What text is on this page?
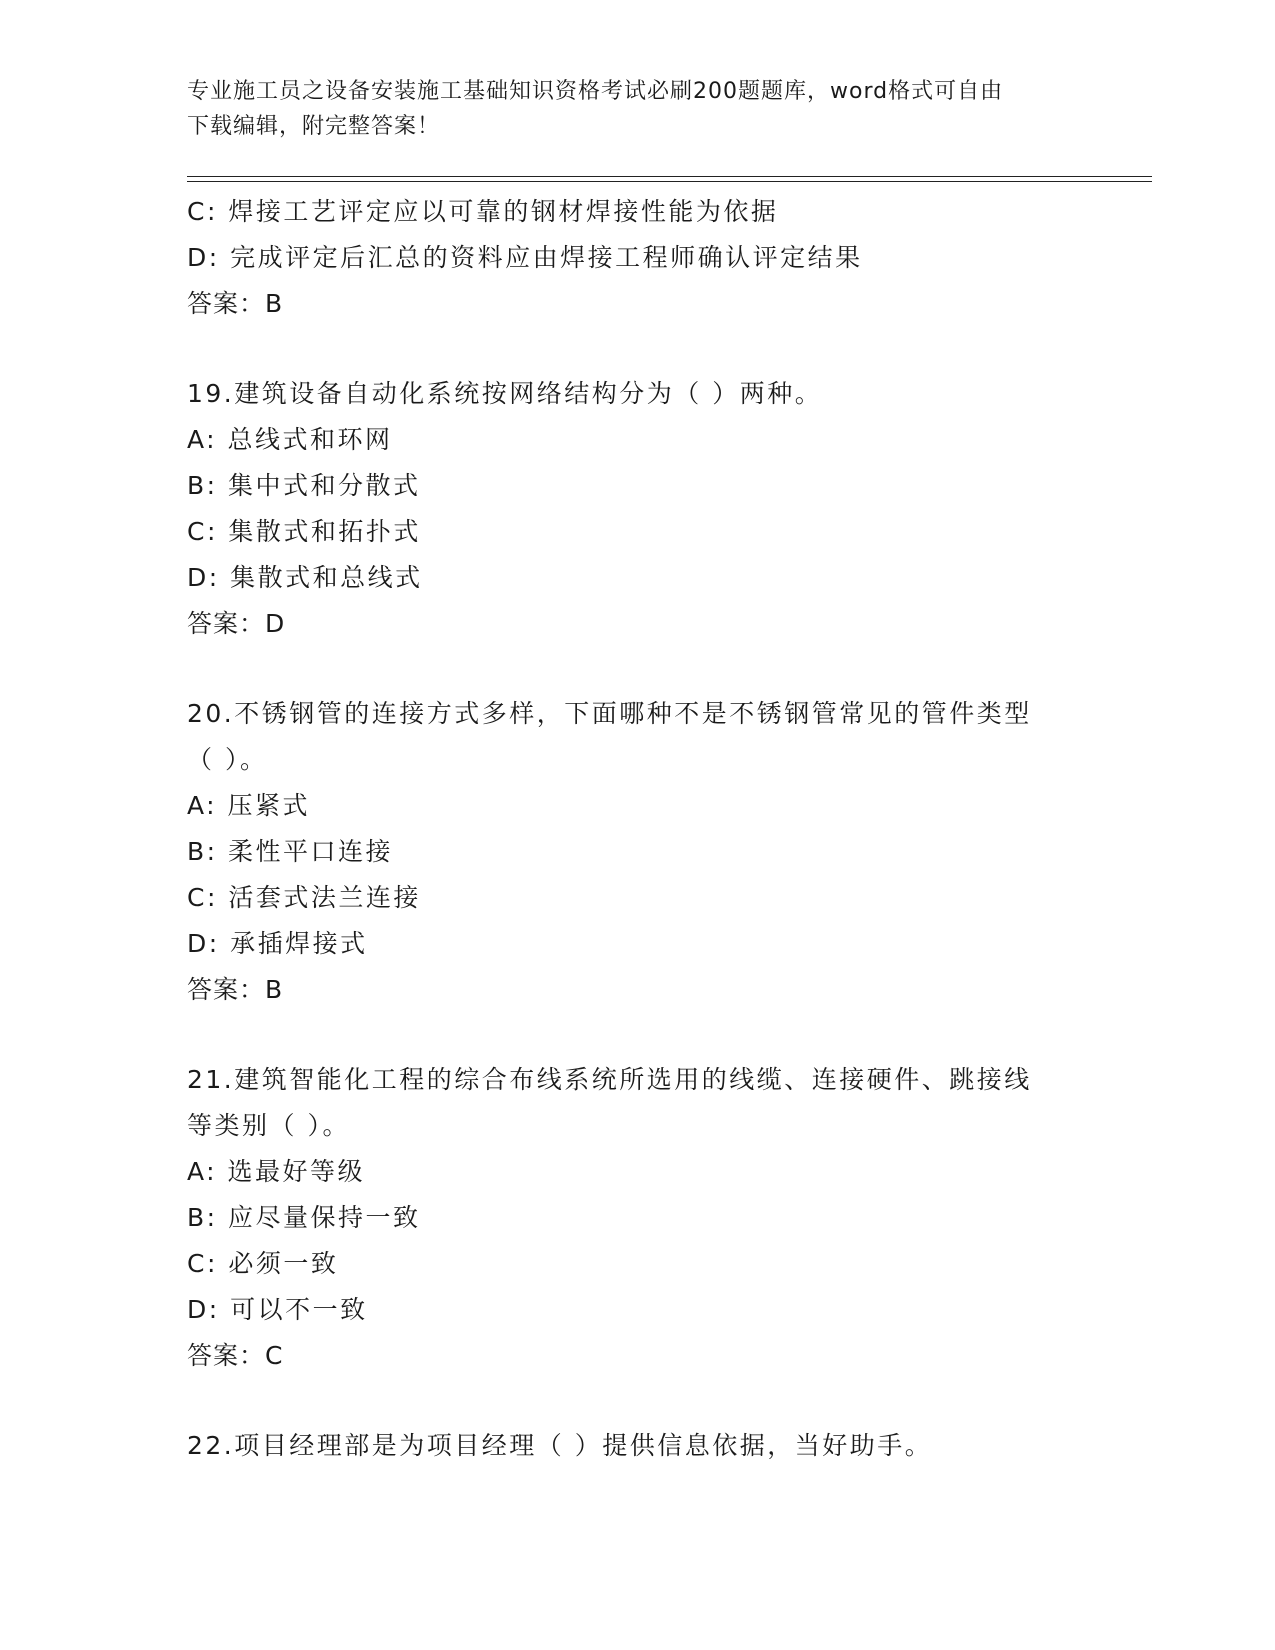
专业施工员之设备安装施工基础知识资格考试必刷200题题库，word格式可自由
下载编辑，附完整答案！
C: 焊接工艺评定应以可靠的钢材焊接性能为依据
D: 完成评定后汇总的资料应由焊接工程师确认评定结果
答案：B
19.建筑设备自动化系统按网络结构分为（ ）两种。
A: 总线式和环网
B: 集中式和分散式
C: 集散式和拓扑式
D: 集散式和总线式
答案：D
20.不锈钢管的连接方式多样，下面哪种不是不锈钢管常见的管件类型
（ ）。
A: 压紧式
B: 柔性平口连接
C: 活套式法兰连接
D: 承插焊接式
答案：B
21.建筑智能化工程的综合布线系统所选用的线缆、连接硬件、跳接线
等类别（ ）。
A: 选最好等级
B: 应尽量保持一致
C: 必须一致
D: 可以不一致
答案：C
22.项目经理部是为项目经理（ ）提供信息依据，当好助手。
